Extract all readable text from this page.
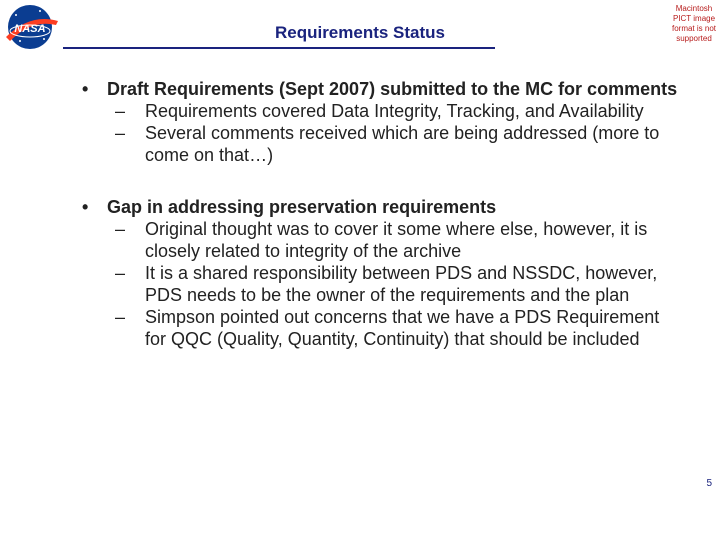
NASA	Requirements Status
Macintosh PICT image format is not supported
• Draft Requirements (Sept 2007) submitted to the MC for comments
– Requirements covered Data Integrity, Tracking, and Availability
– Several comments received which are being addressed (more to come on that…)
• Gap in addressing preservation requirements
– Original thought was to cover it some where else, however, it is closely related to integrity of the archive
– It is a shared responsibility between PDS and NSSDC, however, PDS needs to be the owner of the requirements and the plan
– Simpson pointed out concerns that we have a PDS Requirement for QQC (Quality, Quantity, Continuity) that should be included
5
